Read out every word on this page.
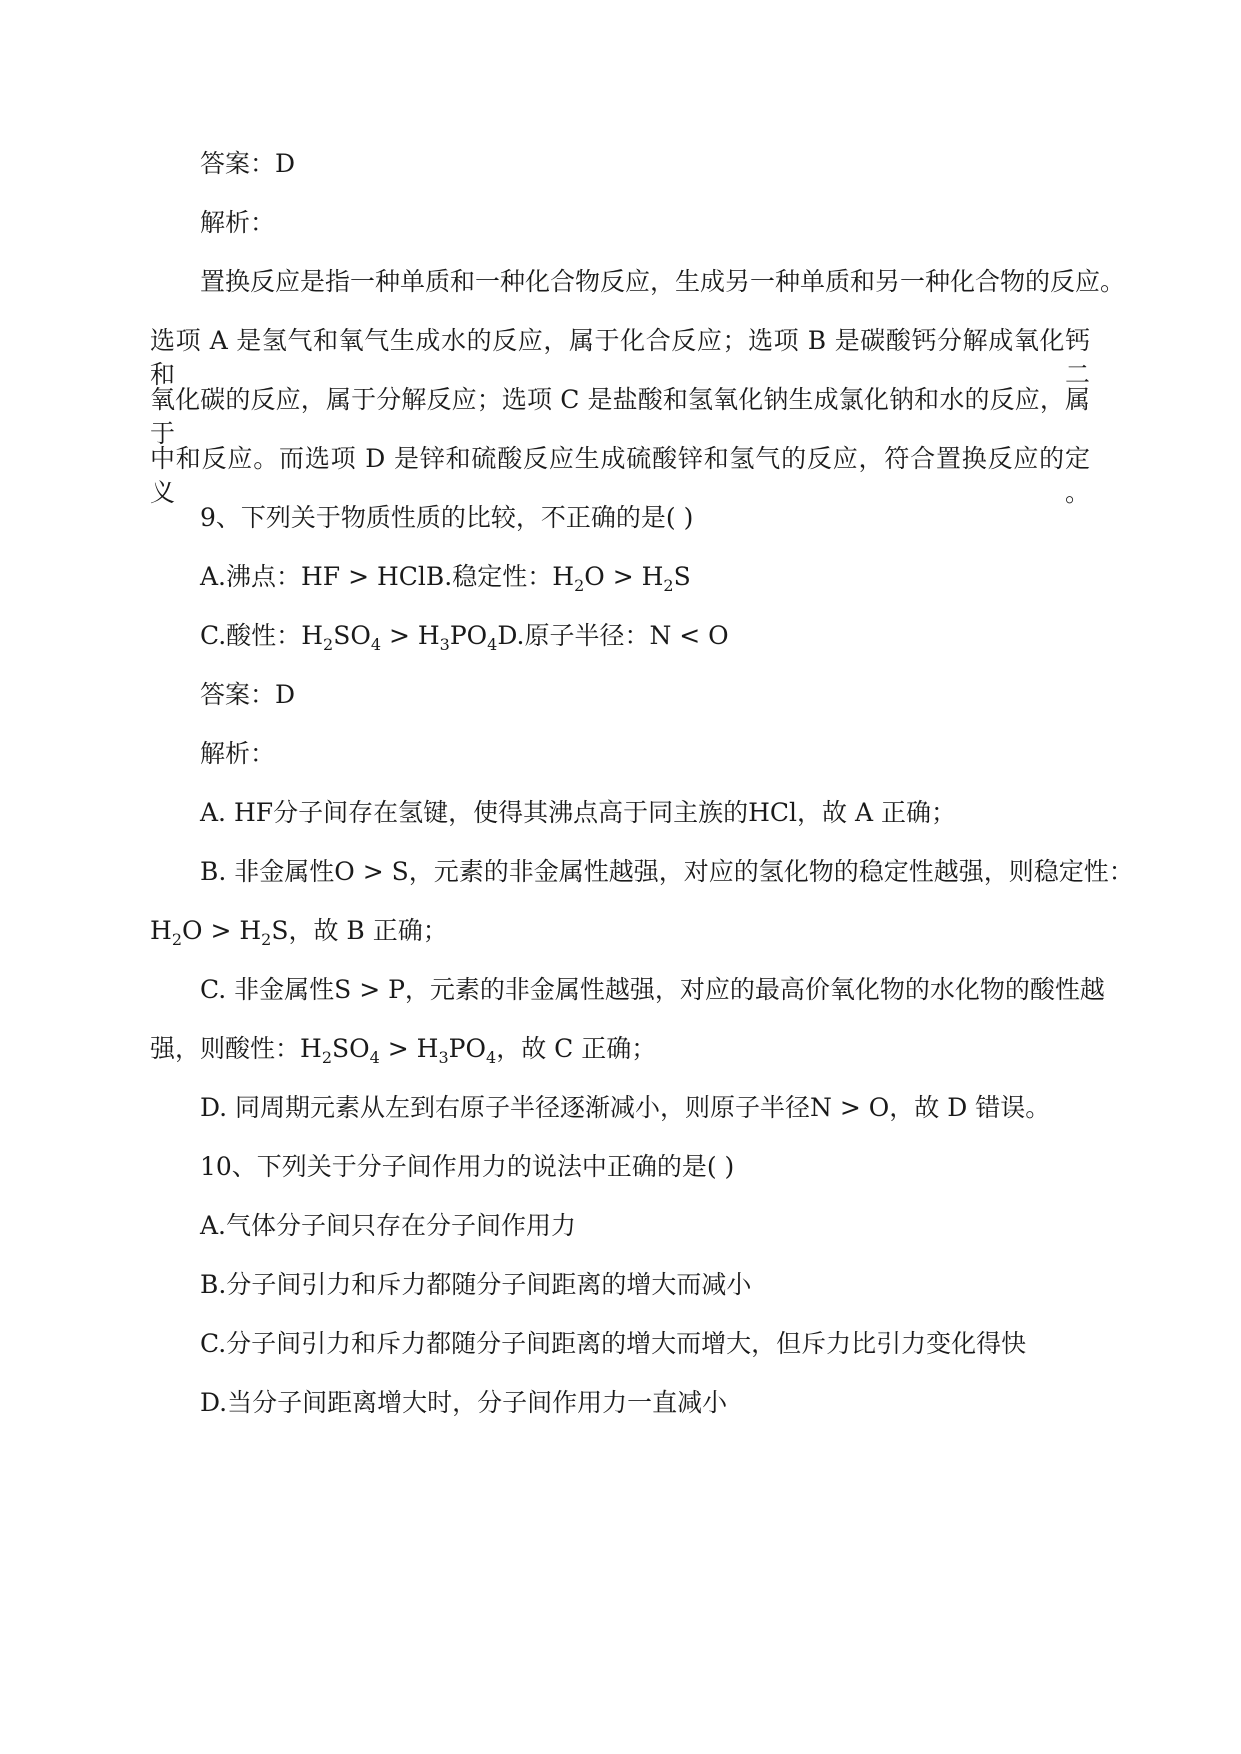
答案：D
解析：
置换反应是指一种单质和一种化合物反应，生成另一种单质和另一种化合物的反应。
选项 A 是氢气和氧气生成水的反应，属于化合反应；选项 B 是碳酸钙分解成氧化钙和二
氧化碳的反应，属于分解反应；选项 C 是盐酸和氢氧化钠生成氯化钠和水的反应，属于
中和反应。而选项 D 是锌和硫酸反应生成硫酸锌和氢气的反应，符合置换反应的定义。
9、下列关于物质性质的比较，不正确的是( )
A.沸点：HF > HClB.稳定性：$H_2O > H_2S$
C.酸性：$H_2SO_4 > H_3PO_4D$.原子半径：N < O
答案：D
解析：
A. HF分子间存在氢键，使得其沸点高于同主族的HCl，故 A 正确；
B. 非金属性O > S，元素的非金属性越强，对应的氢化物的稳定性越强，则稳定性：
$H_2O > H_2S$，故 B 正确；
C. 非金属性S > P，元素的非金属性越强，对应的最高价氧化物的水化物的酸性越
强，则酸性：$H_2SO_4 > H_3PO_4$，故 C 正确；
D. 同周期元素从左到右原子半径逐渐减小，则原子半径N > O，故 D 错误。
10、下列关于分子间作用力的说法中正确的是( )
A.气体分子间只存在分子间作用力
B.分子间引力和斥力都随分子间距离的增大而减小
C.分子间引力和斥力都随分子间距离的增大而增大，但斥力比引力变化得快
D.当分子间距离增大时，分子间作用力一直减小
